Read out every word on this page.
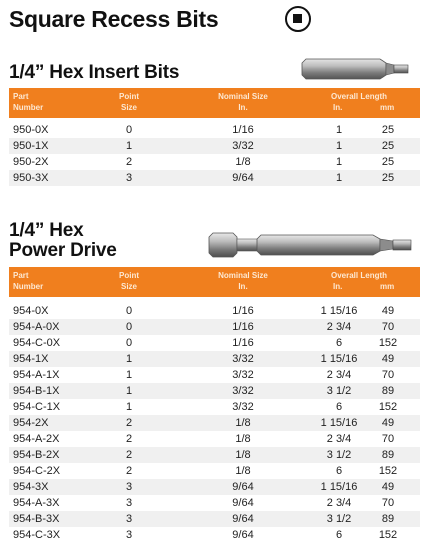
Square Recess Bits
1/4” Hex Insert Bits
Part
Number
Point
Size
Nominal Size
In.
Overall Length
In.	mm
950-0X	0	1/16	1	25
950-1X	1	3/32	1	25
950-2X	2	1/8	1	25
950-3X	3	9/64	1	25
1/4” Hex
Power Drive
Part
Number
Point
Size
Nominal Size
In.
Overall Length
In.	mm
954-0X	0	1/16	1 15/16	49
954-A-0X	0	1/16	2 3/4	70
954-C-0X	0	1/16	6	152
954-1X	1	3/32	1 15/16	49
954-A-1X	1	3/32	2 3/4	70
954-B-1X	1	3/32	3 1/2	89
954-C-1X	1	3/32	6	152
954-2X	2	1/8	1 15/16	49
954-A-2X	2	1/8	2 3/4	70
954-B-2X	2	1/8	3 1/2	89
954-C-2X	2	1/8	6	152
954-3X	3	9/64	1 15/16	49
954-A-3X	3	9/64	2 3/4	70
954-B-3X	3	9/64	3 1/2	89
954-C-3X	3	9/64	6	152
